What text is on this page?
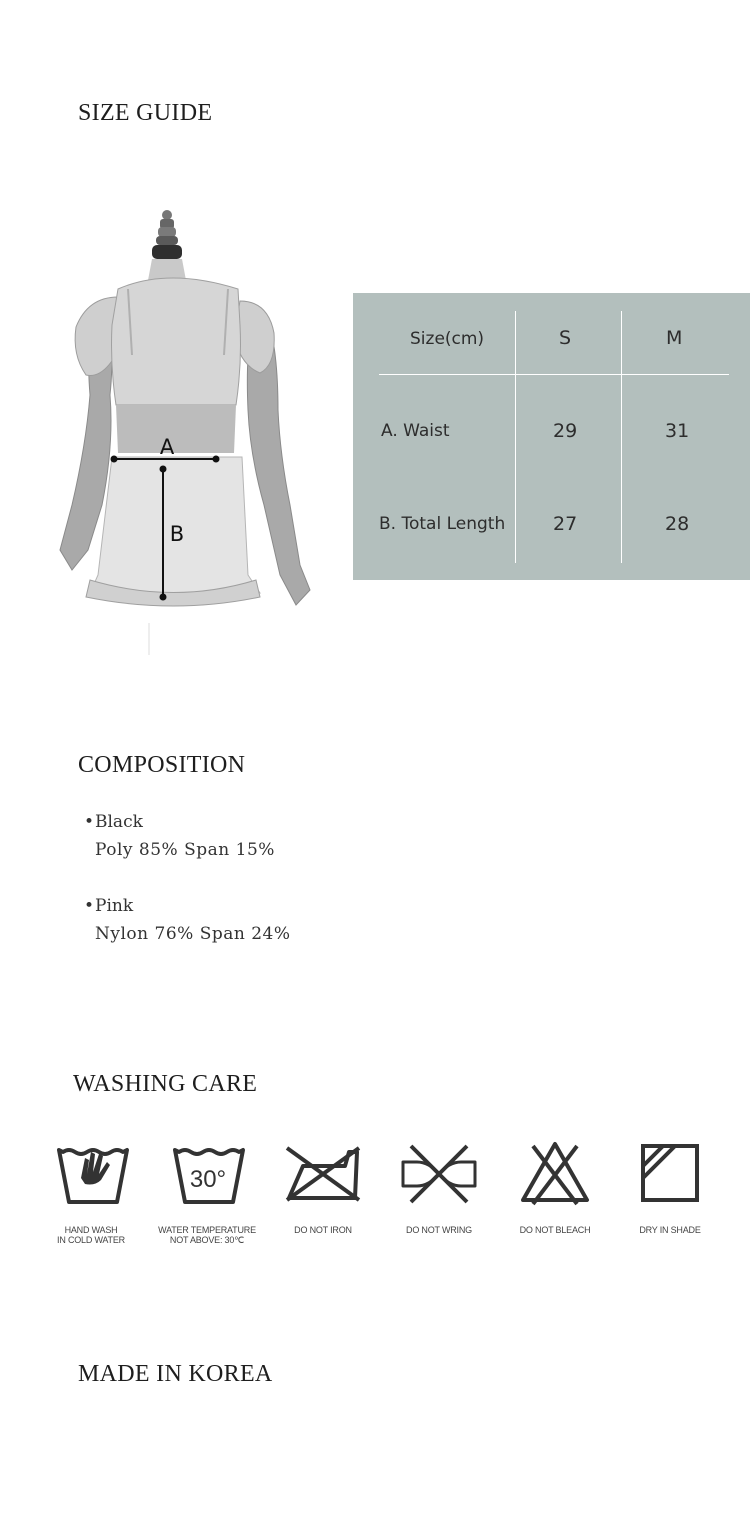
SIZE GUIDE
A
B
Size(cm)	S	M
A. Waist	29	31
B. Total Length	27	28
COMPOSITION
•Black
Poly 85% Span 15%
•Pink
Nylon 76% Span 24%
WASHING CARE
HAND WASH
IN COLD WATER
30°
WATER TEMPERATURE
NOT ABOVE: 30℃
DO NOT IRON	DO NOT WRING	DO NOT BLEACH	DRY IN SHADE
MADE IN KOREA
